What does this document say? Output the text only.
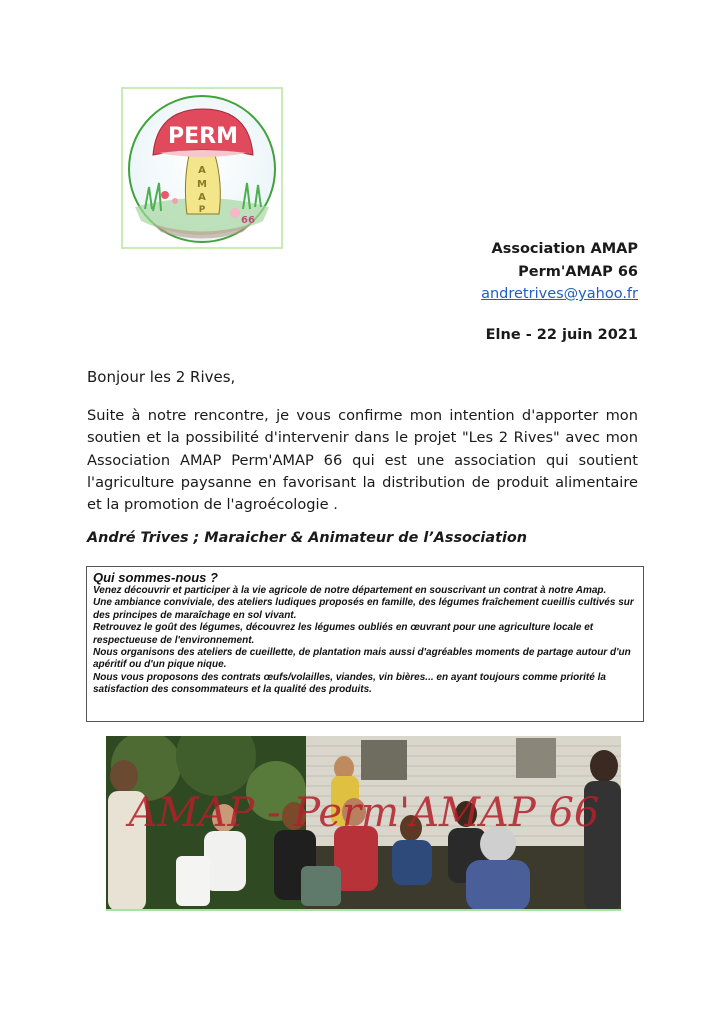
A
M
A
P
PERM
66
Association AMAP
Perm'AMAP 66
andretrives@yahoo.fr
Elne - 22 juin 2021
Bonjour les 2 Rives,
Suite à notre rencontre, je vous confirme mon intention d'apporter mon soutien et la possibilité d'intervenir dans le projet "Les 2 Rives" avec mon Association AMAP Perm'AMAP 66 qui est une association qui soutient l'agriculture paysanne en favorisant la distribution de produit alimentaire et la promotion de l'agroécologie .
André Trives ; Maraicher & Animateur de l’Association
Qui sommes-nous ?

Venez découvrir et participer à la vie agricole de notre département en souscrivant un contrat à notre Amap.

Une ambiance conviviale, des ateliers ludiques proposés en famille, des légumes fraîchement cueillis cultivés sur des principes de maraîchage en sol vivant.

Retrouvez le goût des légumes, découvrez les légumes oubliés en œuvrant pour une agriculture locale et respectueuse de l'environnement.

Nous organisons des ateliers de cueillette, de plantation mais aussi d'agréables moments de partage autour d'un apéritif ou d'un pique nique.

Nous vous proposons des contrats œufs/volailles, viandes, vin bières... en ayant toujours comme priorité la satisfaction des consommateurs et la qualité des produits.

AMAP - Perm'AMAP 66
